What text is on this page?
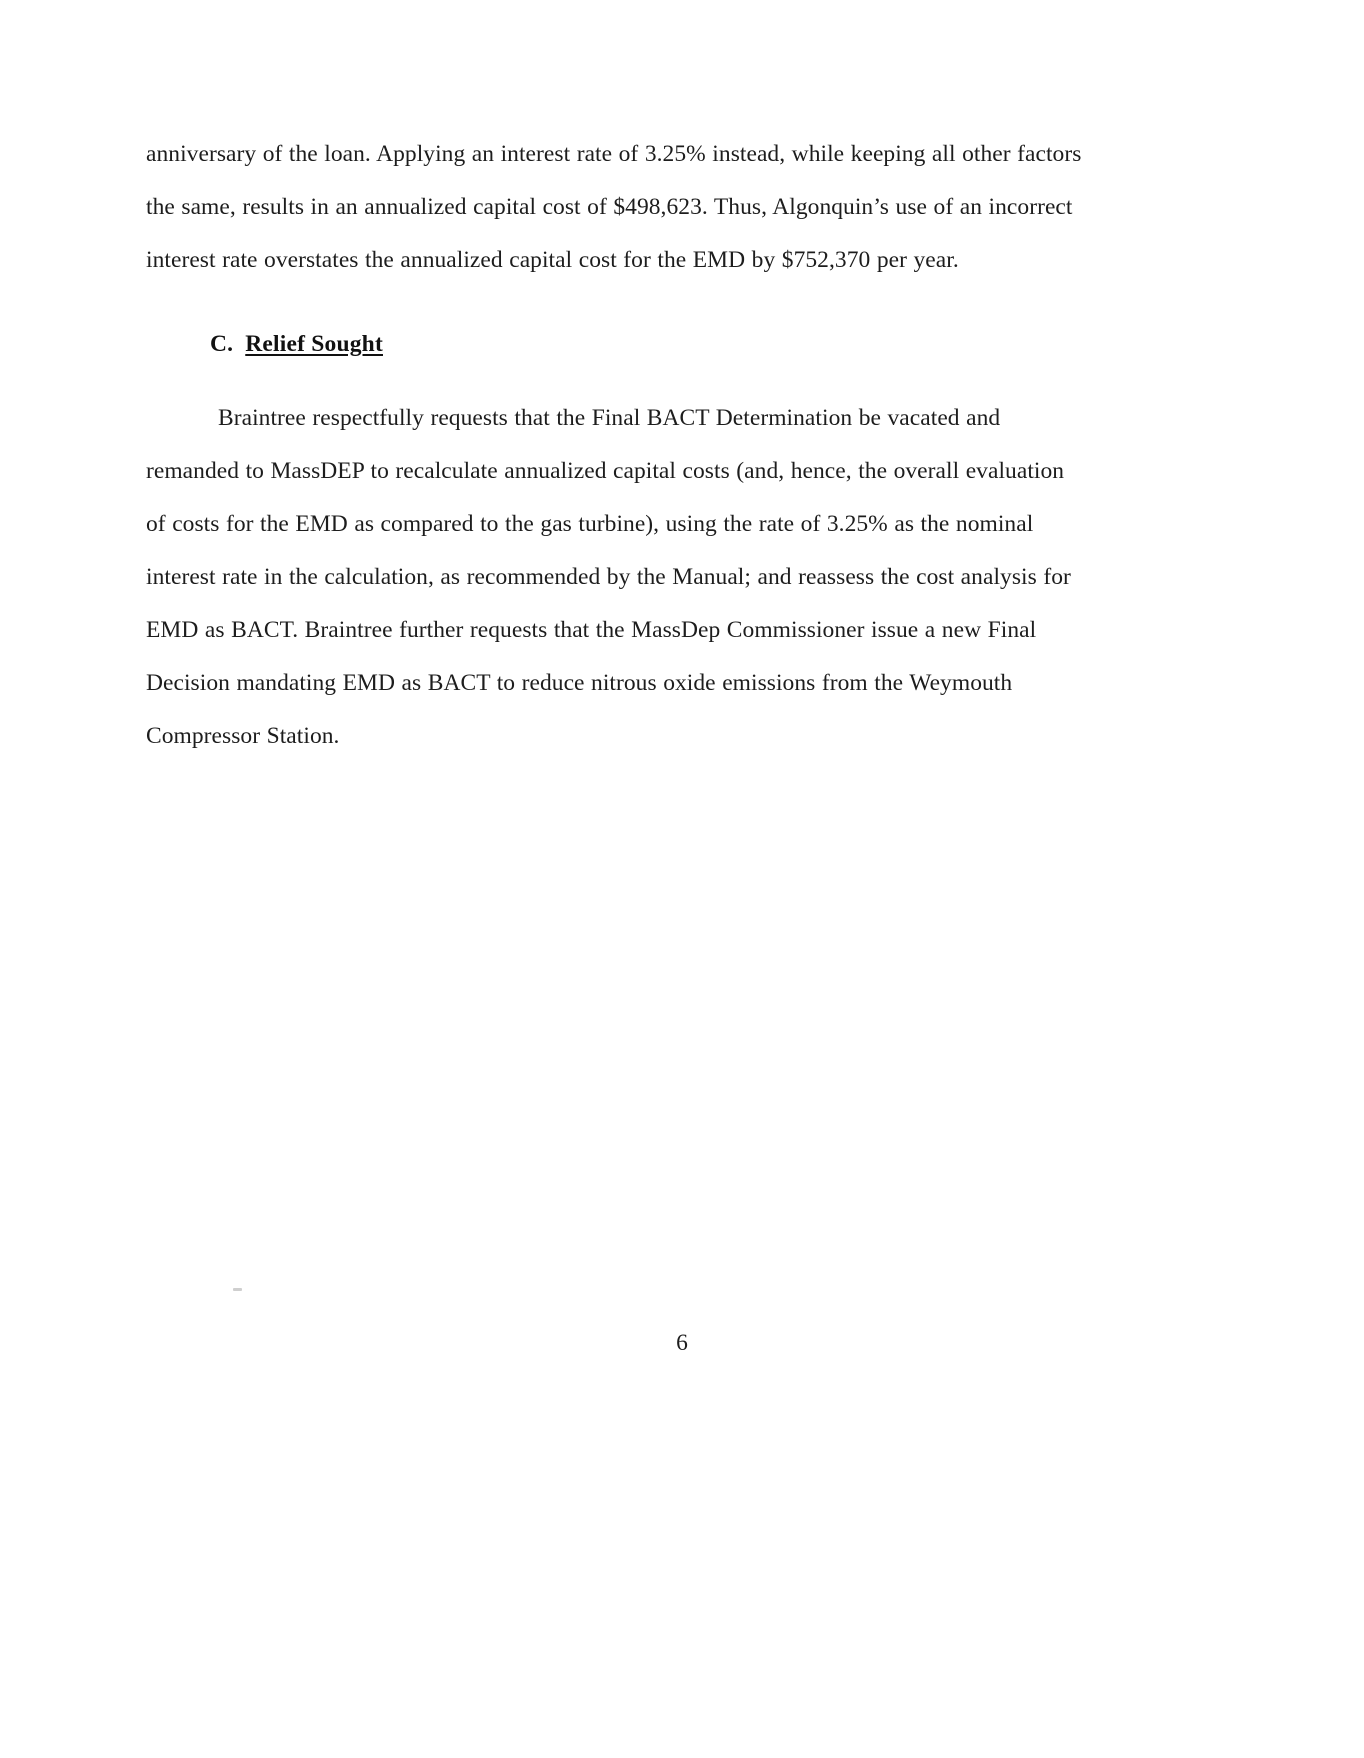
anniversary of the loan. Applying an interest rate of 3.25% instead, while keeping all other factors the same, results in an annualized capital cost of $498,623. Thus, Algonquin’s use of an incorrect interest rate overstates the annualized capital cost for the EMD by $752,370 per year.

C. Relief Sought

Braintree respectfully requests that the Final BACT Determination be vacated and remanded to MassDEP to recalculate annualized capital costs (and, hence, the overall evaluation of costs for the EMD as compared to the gas turbine), using the rate of 3.25% as the nominal interest rate in the calculation, as recommended by the Manual; and reassess the cost analysis for EMD as BACT. Braintree further requests that the MassDep Commissioner issue a new Final Decision mandating EMD as BACT to reduce nitrous oxide emissions from the Weymouth Compressor Station.

6
